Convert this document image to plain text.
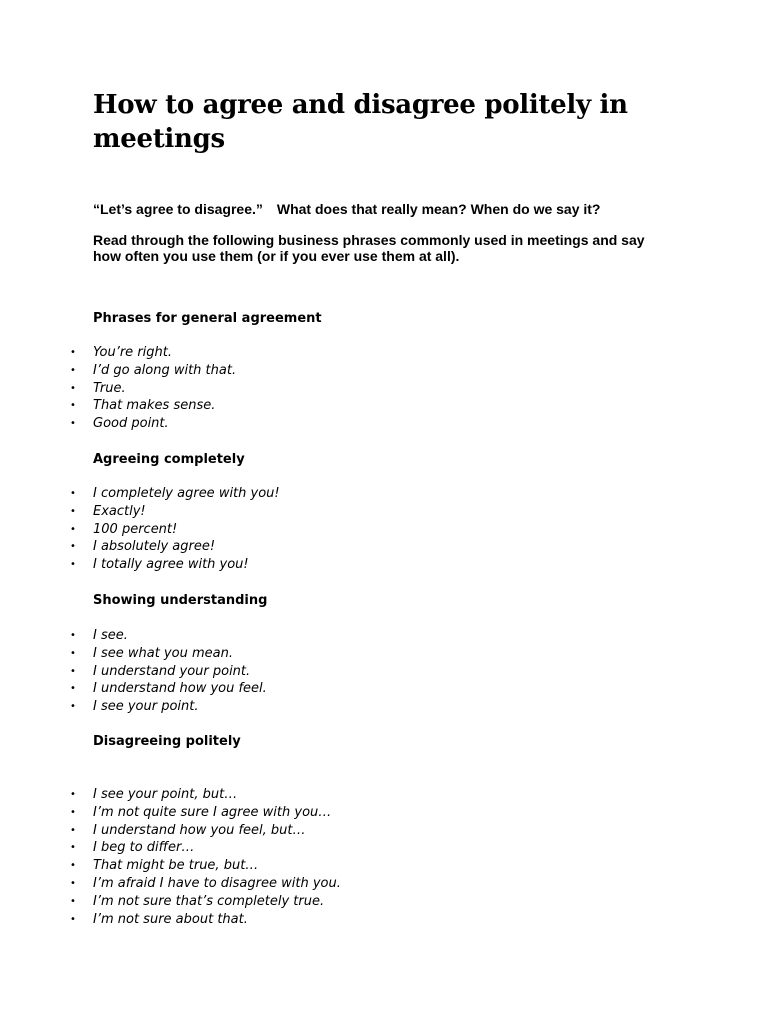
How to agree and disagree politely in meetings

“Let’s agree to disagree.” What does that really mean? When do we say it?

Read through the following business phrases commonly used in meetings and say how often you use them (or if you ever use them at all).

Phrases for general agreement
• You’re right.
• I’d go along with that.
• True.
• That makes sense.
• Good point.
Agreeing completely
• I completely agree with you!
• Exactly!
• 100 percent!
• I absolutely agree!
• I totally agree with you!
Showing understanding
• I see.
• I see what you mean.
• I understand your point.
• I understand how you feel.
• I see your point.
Disagreeing politely
• I see your point, but…
• I’m not quite sure I agree with you…
• I understand how you feel, but…
• I beg to differ…
• That might be true, but…
• I’m afraid I have to disagree with you.
• I’m not sure that’s completely true.
• I’m not sure about that.
